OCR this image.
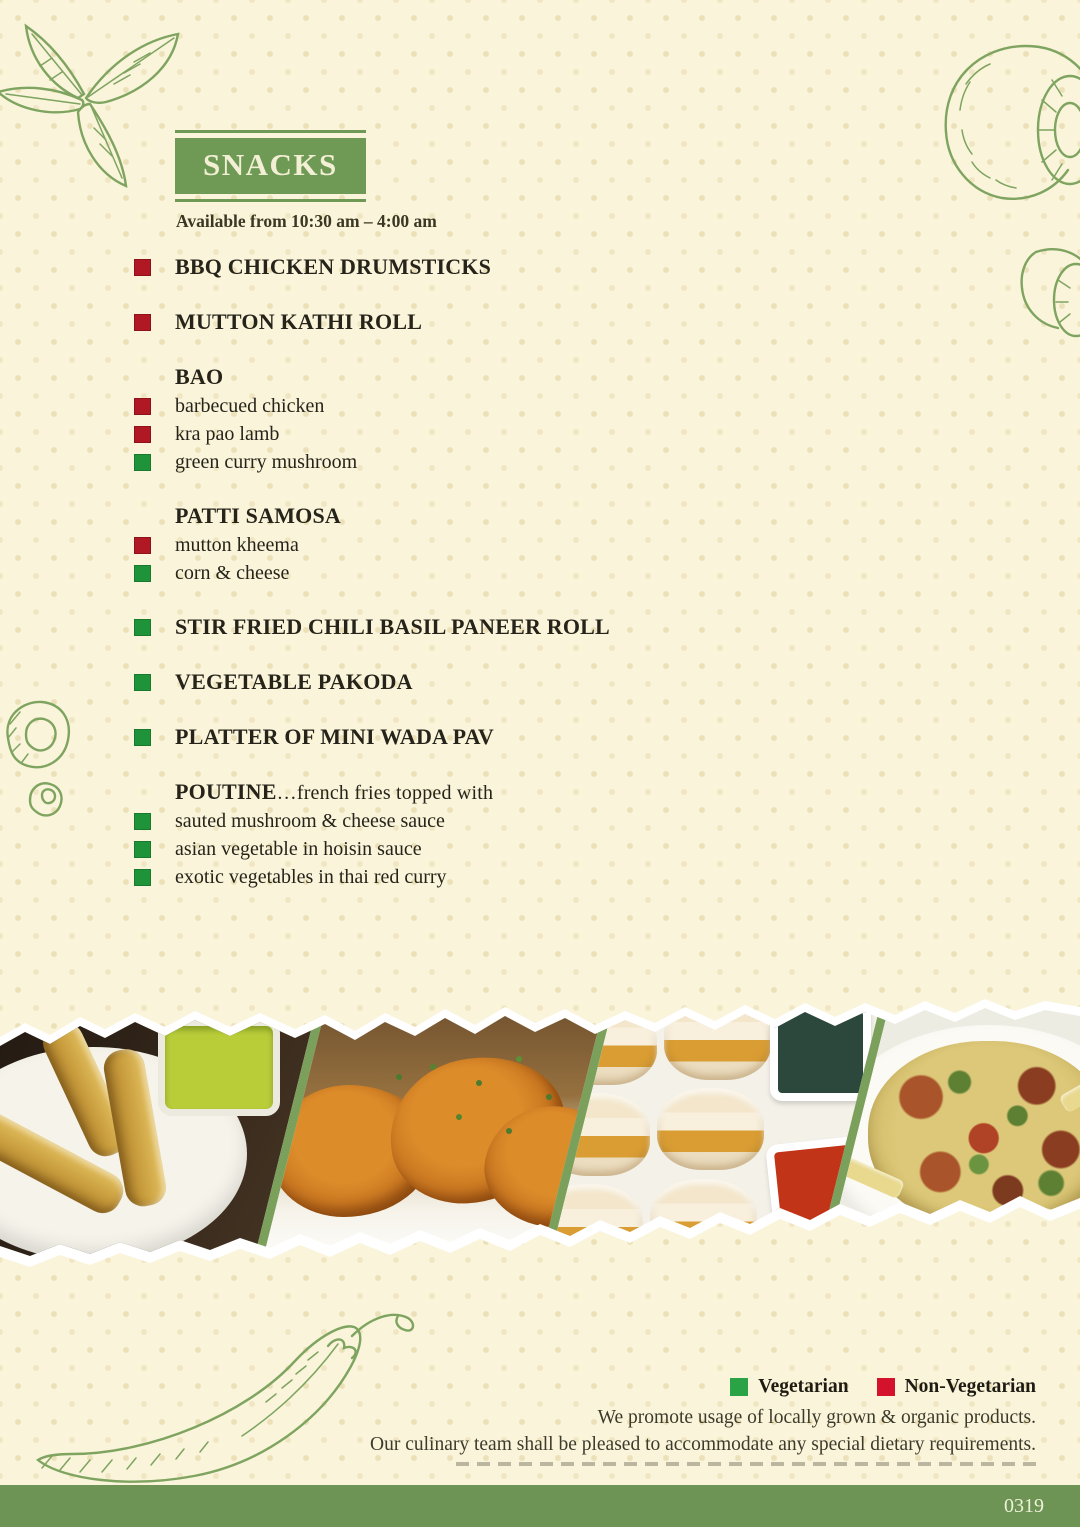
SNACKS
Available from 10:30 am – 4:00 am
BBQ CHICKEN DRUMSTICKS
MUTTON KATHI ROLL
BAO
barbecued chicken
kra pao lamb
green curry mushroom
PATTI SAMOSA
mutton kheema
corn & cheese
STIR FRIED CHILI BASIL PANEER ROLL
VEGETABLE PAKODA
PLATTER OF MINI WADA PAV
POUTINE…french fries topped with
sauted mushroom & cheese sauce
asian vegetable in hoisin sauce
exotic vegetables in thai red curry
Vegetarian	Non-Vegetarian
We promote usage of locally grown & organic products.
Our culinary team shall be pleased to accommodate any special dietary requirements.
0319
